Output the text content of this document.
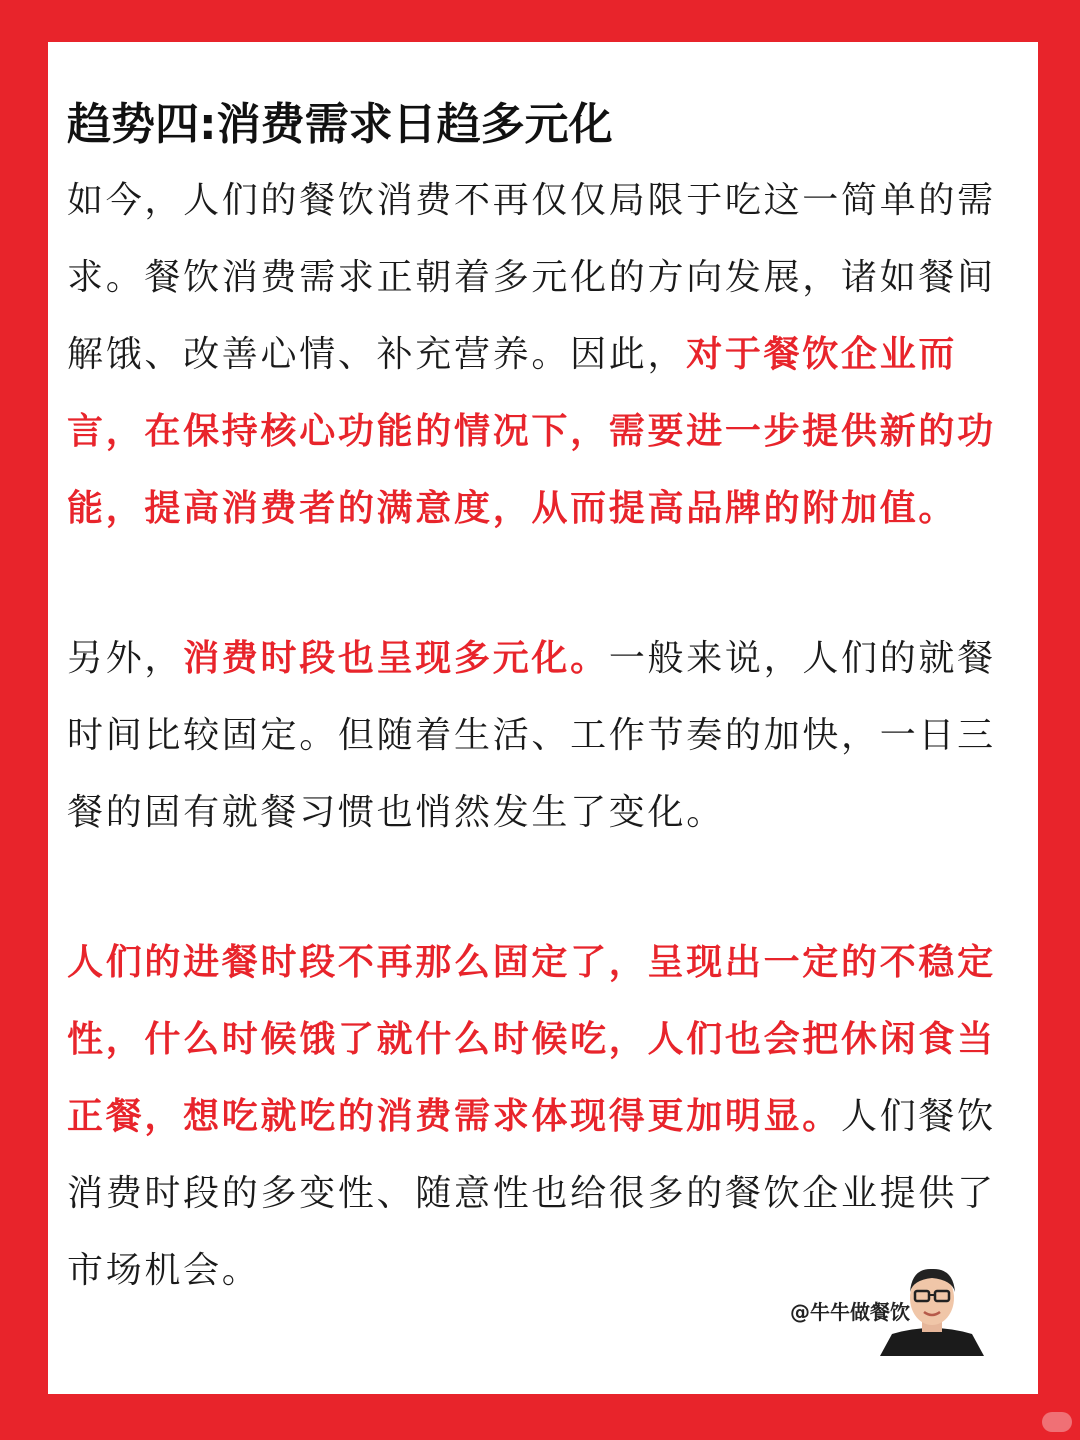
趋势四:消费需求日趋多元化

如今，人们的餐饮消费不再仅仅局限于吃这一简单的需求。餐饮消费需求正朝着多元化的方向发展，诸如餐间解饿、改善心情、补充营养。因此，对于餐饮企业而言，在保持核心功能的情况下，需要进一步提供新的功能，提高消费者的满意度，从而提高品牌的附加值。

另外，消费时段也呈现多元化。一般来说，人们的就餐时间比较固定。但随着生活、工作节奏的加快，一日三餐的固有就餐习惯也悄然发生了变化。

人们的进餐时段不再那么固定了，呈现出一定的不稳定性，什么时候饿了就什么时候吃，人们也会把休闲食当正餐，想吃就吃的消费需求体现得更加明显。人们餐饮消费时段的多变性、随意性也给很多的餐饮企业提供了市场机会。

@牛牛做餐饮
